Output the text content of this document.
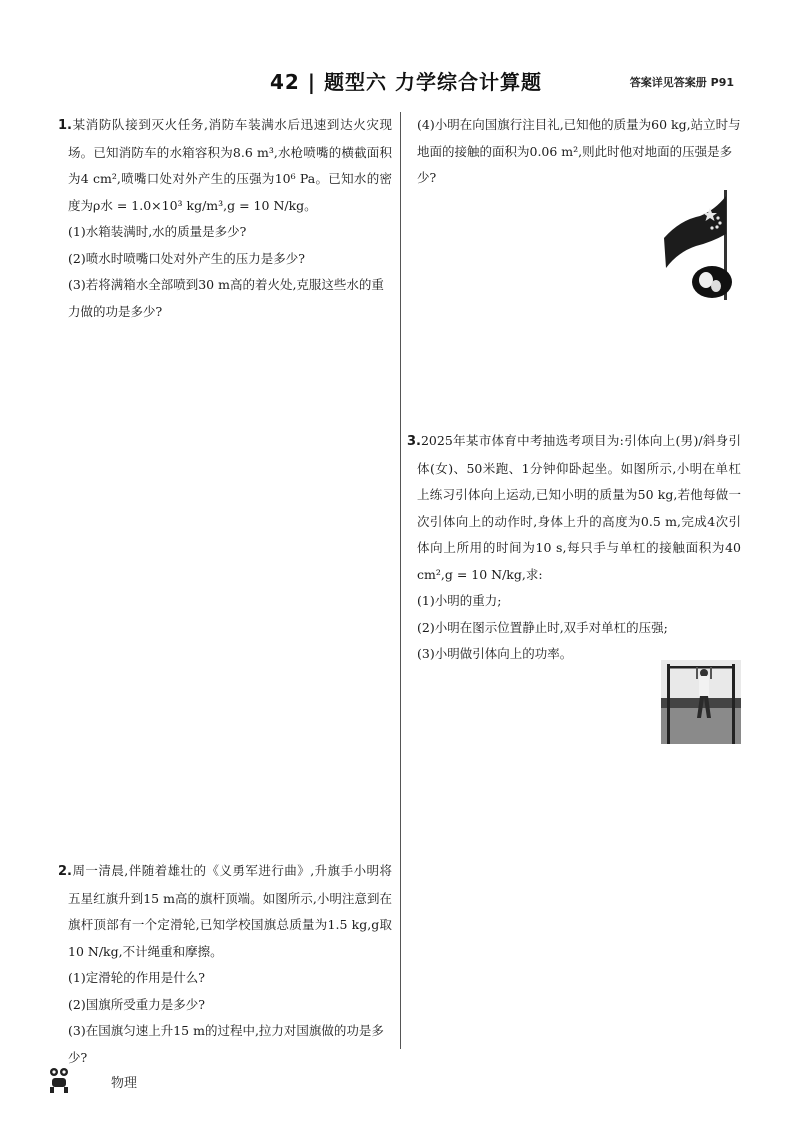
42 | 题型六 力学综合计算题	答案详见答案册 P91

1.某消防队接到灭火任务,消防车装满水后迅速到达火灾现场。已知消防车的水箱容积为8.6 m³,水枪喷嘴的横截面积为4 cm²,喷嘴口处对外产生的压强为10⁶ Pa。已知水的密度为ρ水 = 1.0×10³ kg/m³,g = 10 N/kg。

(1)水箱装满时,水的质量是多少?

(2)喷水时喷嘴口处对外产生的压力是多少?

(3)若将满箱水全部喷到30 m高的着火处,克服这些水的重力做的功是多少?

2.周一清晨,伴随着雄壮的《义勇军进行曲》,升旗手小明将五星红旗升到15 m高的旗杆顶端。如图所示,小明注意到在旗杆顶部有一个定滑轮,已知学校国旗总质量为1.5 kg,g取10 N/kg,不计绳重和摩擦。

(1)定滑轮的作用是什么?

(2)国旗所受重力是多少?

(3)在国旗匀速上升15 m的过程中,拉力对国旗做的功是多少?

(4)小明在向国旗行注目礼,已知他的质量为60 kg,站立时与地面的接触的面积为0.06 m²,则此时他对地面的压强是多少?

3.2025年某市体育中考抽选考项目为:引体向上(男)/斜身引体(女)、50米跑、1分钟仰卧起坐。如图所示,小明在单杠上练习引体向上运动,已知小明的质量为50 kg,若他每做一次引体向上的动作时,身体上升的高度为0.5 m,完成4次引体向上所用的时间为10 s,每只手与单杠的接触面积为40 cm²,g = 10 N/kg,求:

(1)小明的重力;

(2)小明在图示位置静止时,双手对单杠的压强;

(3)小明做引体向上的功率。

物理
